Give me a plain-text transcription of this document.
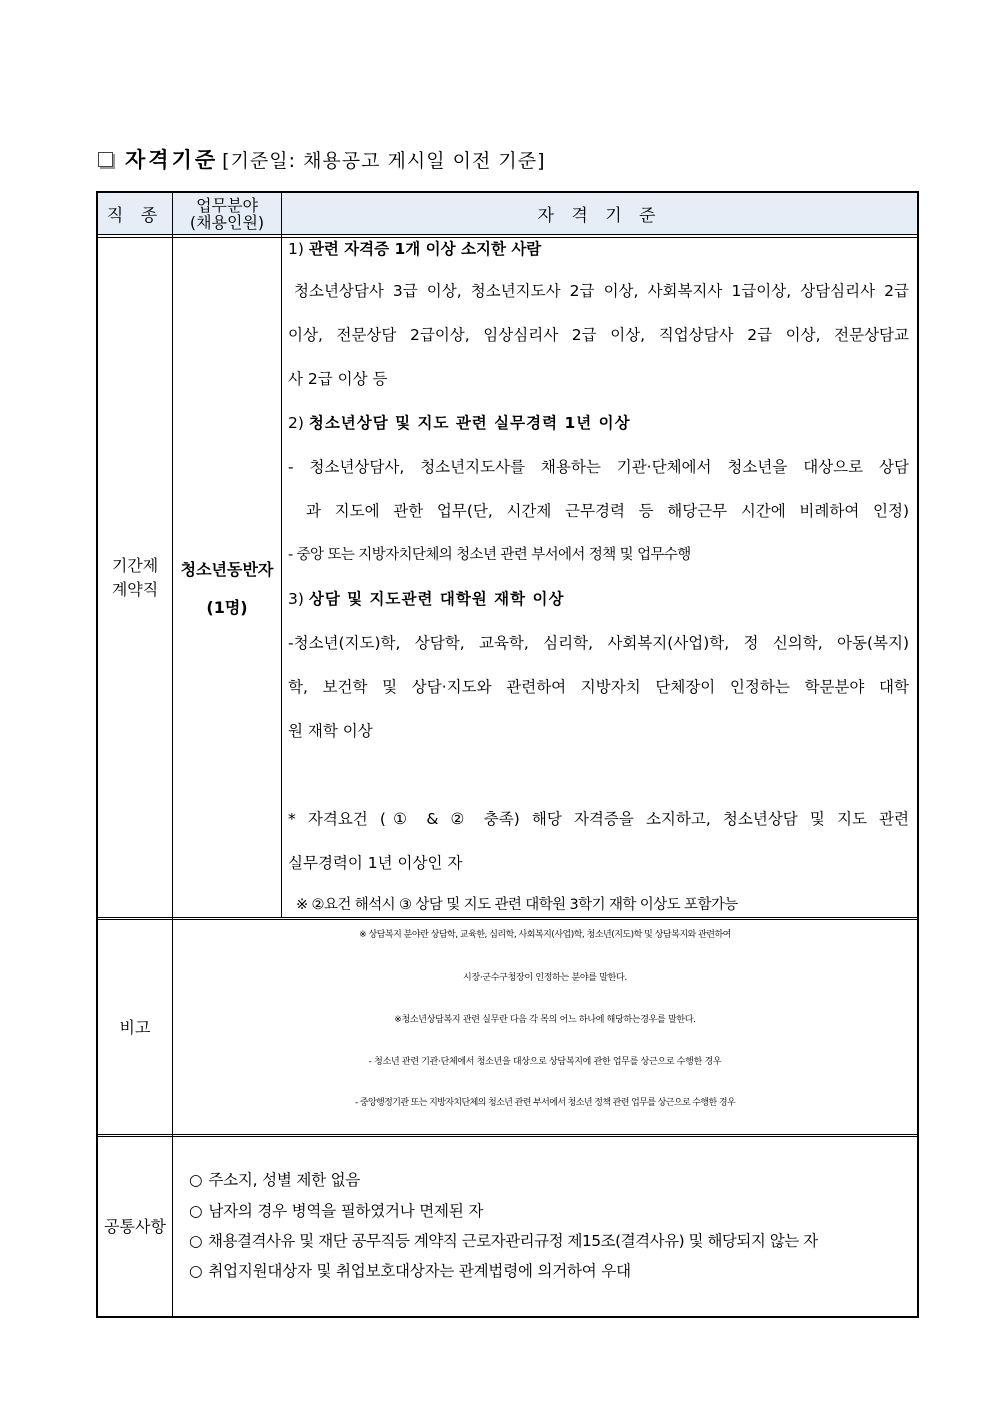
자격기준 [기준일: 채용공고 게시일 이전 기준]
직 종
업무분야
(채용인원)	자 격 기 준
기간제
계약직
청소년동반자
(1명)
1) 관련 자격증 1개 이상 소지한 사람
청소년상담사 3급 이상, 청소년지도사 2급 이상, 사회복지사 1급이상, 상담심리사 2급
이상, 전문상담 2급이상, 임상심리사 2급 이상, 직업상담사 2급 이상, 전문상담교
사 2급 이상 등
2) 청소년상담 및 지도 관련 실무경력 1년 이상
- 청소년상담사, 청소년지도사를 채용하는 기관·단체에서 청소년을 대상으로 상담
과 지도에 관한 업무(단, 시간제 근무경력 등 해당근무 시간에 비례하여 인정)
- 중앙 또는 지방자치단체의 청소년 관련 부서에서 정책 및 업무수행
3) 상담 및 지도관련 대학원 재학 이상
-청소년(지도)학, 상담학, 교육학, 심리학, 사회복지(사업)학, 정 신의학, 아동(복지)
학, 보건학 및 상담·지도와 관련하여 지방자치 단체장이 인정하는 학문분야 대학
원 재학 이상
* 자격요건 (① & ② 충족) 해당 자격증을 소지하고, 청소년상담 및 지도 관련
실무경력이 1년 이상인 자
※ ②요건 해석시 ③ 상담 및 지도 관련 대학원 3학기 재학 이상도 포함가능
비고
※ 상담복지 분야란 상담학, 교육한, 심리학, 사회복지(사업)학, 청소년(지도)학 및 상담복지와 관련하여
시장·군수구청장이 인정하는 분야를 말한다.
※청소년상담복지 관련 실무란 다음 각 목의 어느 하나에 해당하는경우를 말한다.
- 청소년 관련 기관·단체에서 청소년을 대상으로 상담복지에 관한 업무를 상근으로 수행한 경우
- 중앙행정기관 또는 지방자치단체의 청소년 관련 부서에서 청소년 정책 관련 업무를 상근으로 수행한 경우
공통사항
○ 주소지, 성별 제한 없음
○ 남자의 경우 병역을 필하였거나 면제된 자
○ 채용결격사유 및 재단 공무직등 계약직 근로자관리규정 제15조(결격사유) 및 해당되지 않는 자
○ 취업지원대상자 및 취업보호대상자는 관계법령에 의거하여 우대
